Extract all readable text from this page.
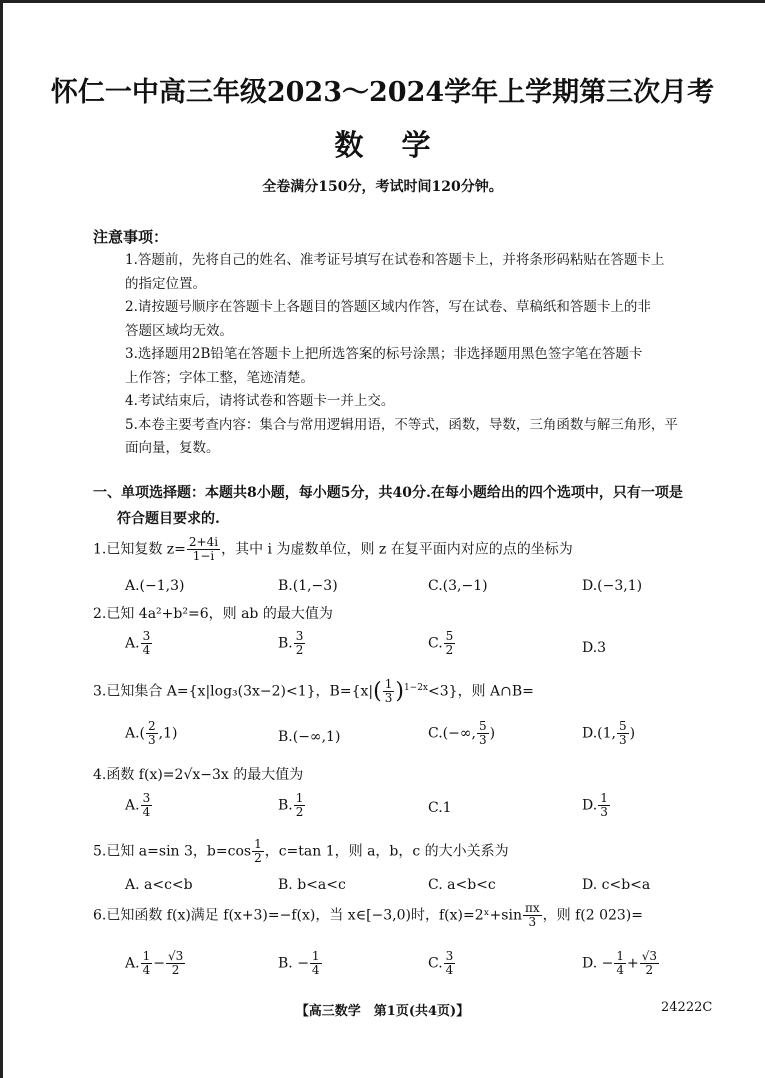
怀仁一中高三年级2023～2024学年上学期第三次月考
数学
全卷满分150分，考试时间120分钟。
注意事项：
1.答题前，先将自己的姓名、准考证号填写在试卷和答题卡上，并将条形码粘贴在答题卡上
的指定位置。
2.请按题号顺序在答题卡上各题目的答题区域内作答，写在试卷、草稿纸和答题卡上的非
答题区域均无效。
3.选择题用2B铅笔在答题卡上把所选答案的标号涂黑；非选择题用黑色签字笔在答题卡
上作答；字体工整，笔迹清楚。
4.考试结束后，请将试卷和答题卡一并上交。
5.本卷主要考查内容：集合与常用逻辑用语，不等式，函数，导数，三角函数与解三角形，平
面向量，复数。
一、单项选择题：本题共8小题，每小题5分，共40分.在每小题给出的四个选项中，只有一项是
符合题目要求的.
1.已知复数 $z= \frac{2+4i}{1-i}$ ，其中 i 为虚数单位，则 z 在复平面内对应的点的坐标为
A.(−1,3)	B.(1,−3)	C.(3,−1)	D.(−3,1)
2.已知 4a²+b²=6，则 ab 的最大值为
A. $\frac{3}{4}$	B. $\frac{3}{2}$	C. $\frac{5}{2}$	D.3
3.已知集合 A={x|log₃(3x−2)<1}，$B=\{x|( \frac{1}{3} )^{1-2x}<3\}$，则 A∩B=
$A.( \frac{2}{3} ,1)$	B.(−∞,1)	C.(−∞, $\frac{5}{3}$ )	D.(1, $\frac{5}{3}$ )
4.函数 f(x)=2√x−3x 的最大值为
A. $\frac{3}{4}$	B. $\frac{1}{2}$	C.1	D. $\frac{1}{3}$
5.已知 a=sin 3，$b=\cos \frac{1}{2}$ ，c=tan 1，则 a，b，c 的大小关系为
A. a<c<b	B. b<a<c	C. a<b<c	D. c<b<a
6.已知函数 f(x)满足 f(x+3)=−f(x)，当 x∈[−3,0)时，f(x)=2ˣ+sin $\frac{\pi x}{3}$ ，则 f(2 023)=
A. $\frac{1}{4} - \frac{√3}{2}$	B. − $\frac{1}{4}$	C. $\frac{3}{4}$	D. − $\frac{1}{4} + \frac{√3}{2}$
【高三数学　第1页(共4页)】	24222C
